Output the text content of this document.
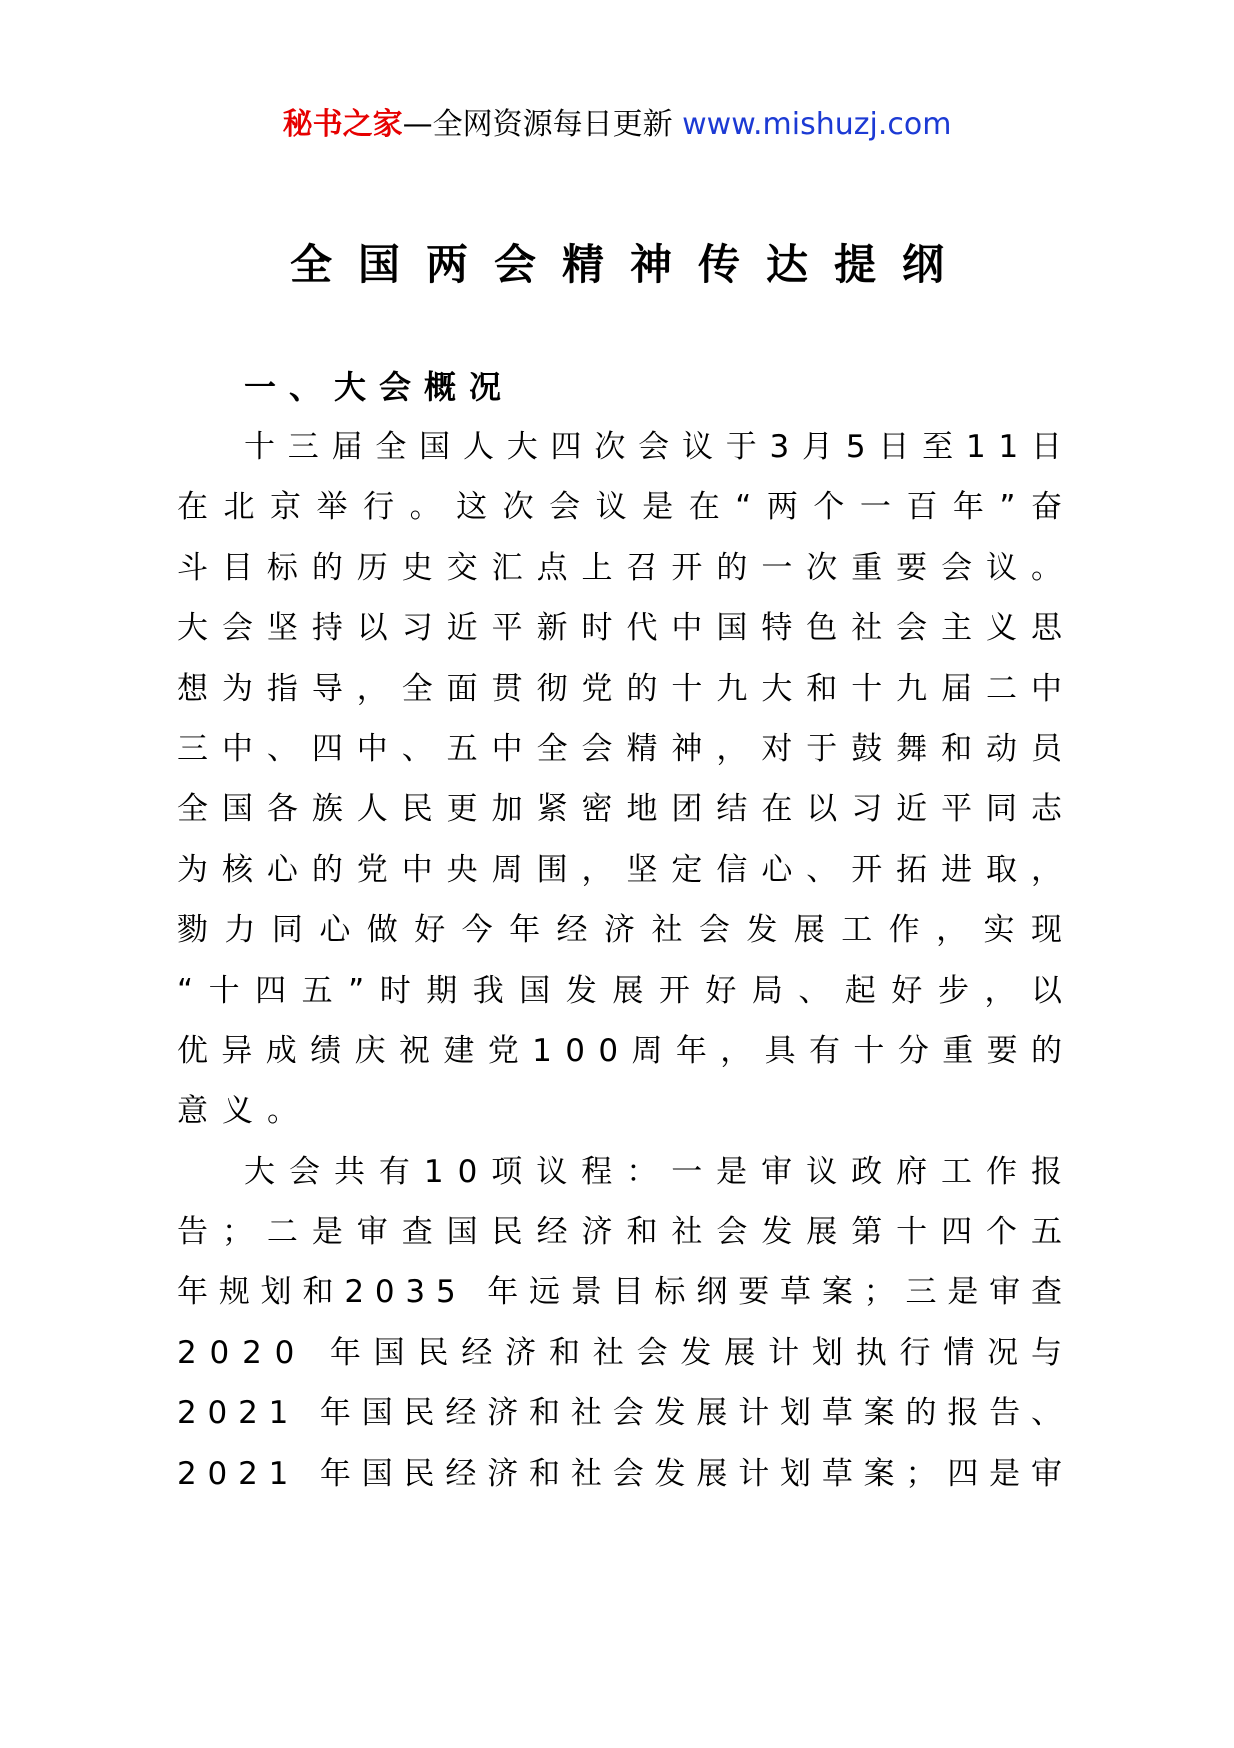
秘书之家—全网资源每日更新 www.mishuzj.com
全国两会精神传达提纲
一、大会概况
十三届全国人大四次会议于3月5日至11日
在北京举行。这次会议是在“两个一百年”奋
斗目标的历史交汇点上召开的一次重要会议。
大会坚持以习近平新时代中国特色社会主义思
想为指导，全面贯彻党的十九大和十九届二中
三中、四中、五中全会精神，对于鼓舞和动员
全国各族人民更加紧密地团结在以习近平同志
为核心的党中央周围，坚定信心、开拓进取，
勠力同心做好今年经济社会发展工作，实现
“十四五”时期我国发展开好局、起好步，以
优异成绩庆祝建党100周年，具有十分重要的
意义。
大会共有10项议程：一是审议政府工作报
告；二是审查国民经济和社会发展第十四个五
年规划和2035 年远景目标纲要草案；三是审查
2020 年国民经济和社会发展计划执行情况与
2021 年国民经济和社会发展计划草案的报告、
2021 年国民经济和社会发展计划草案；四是审
